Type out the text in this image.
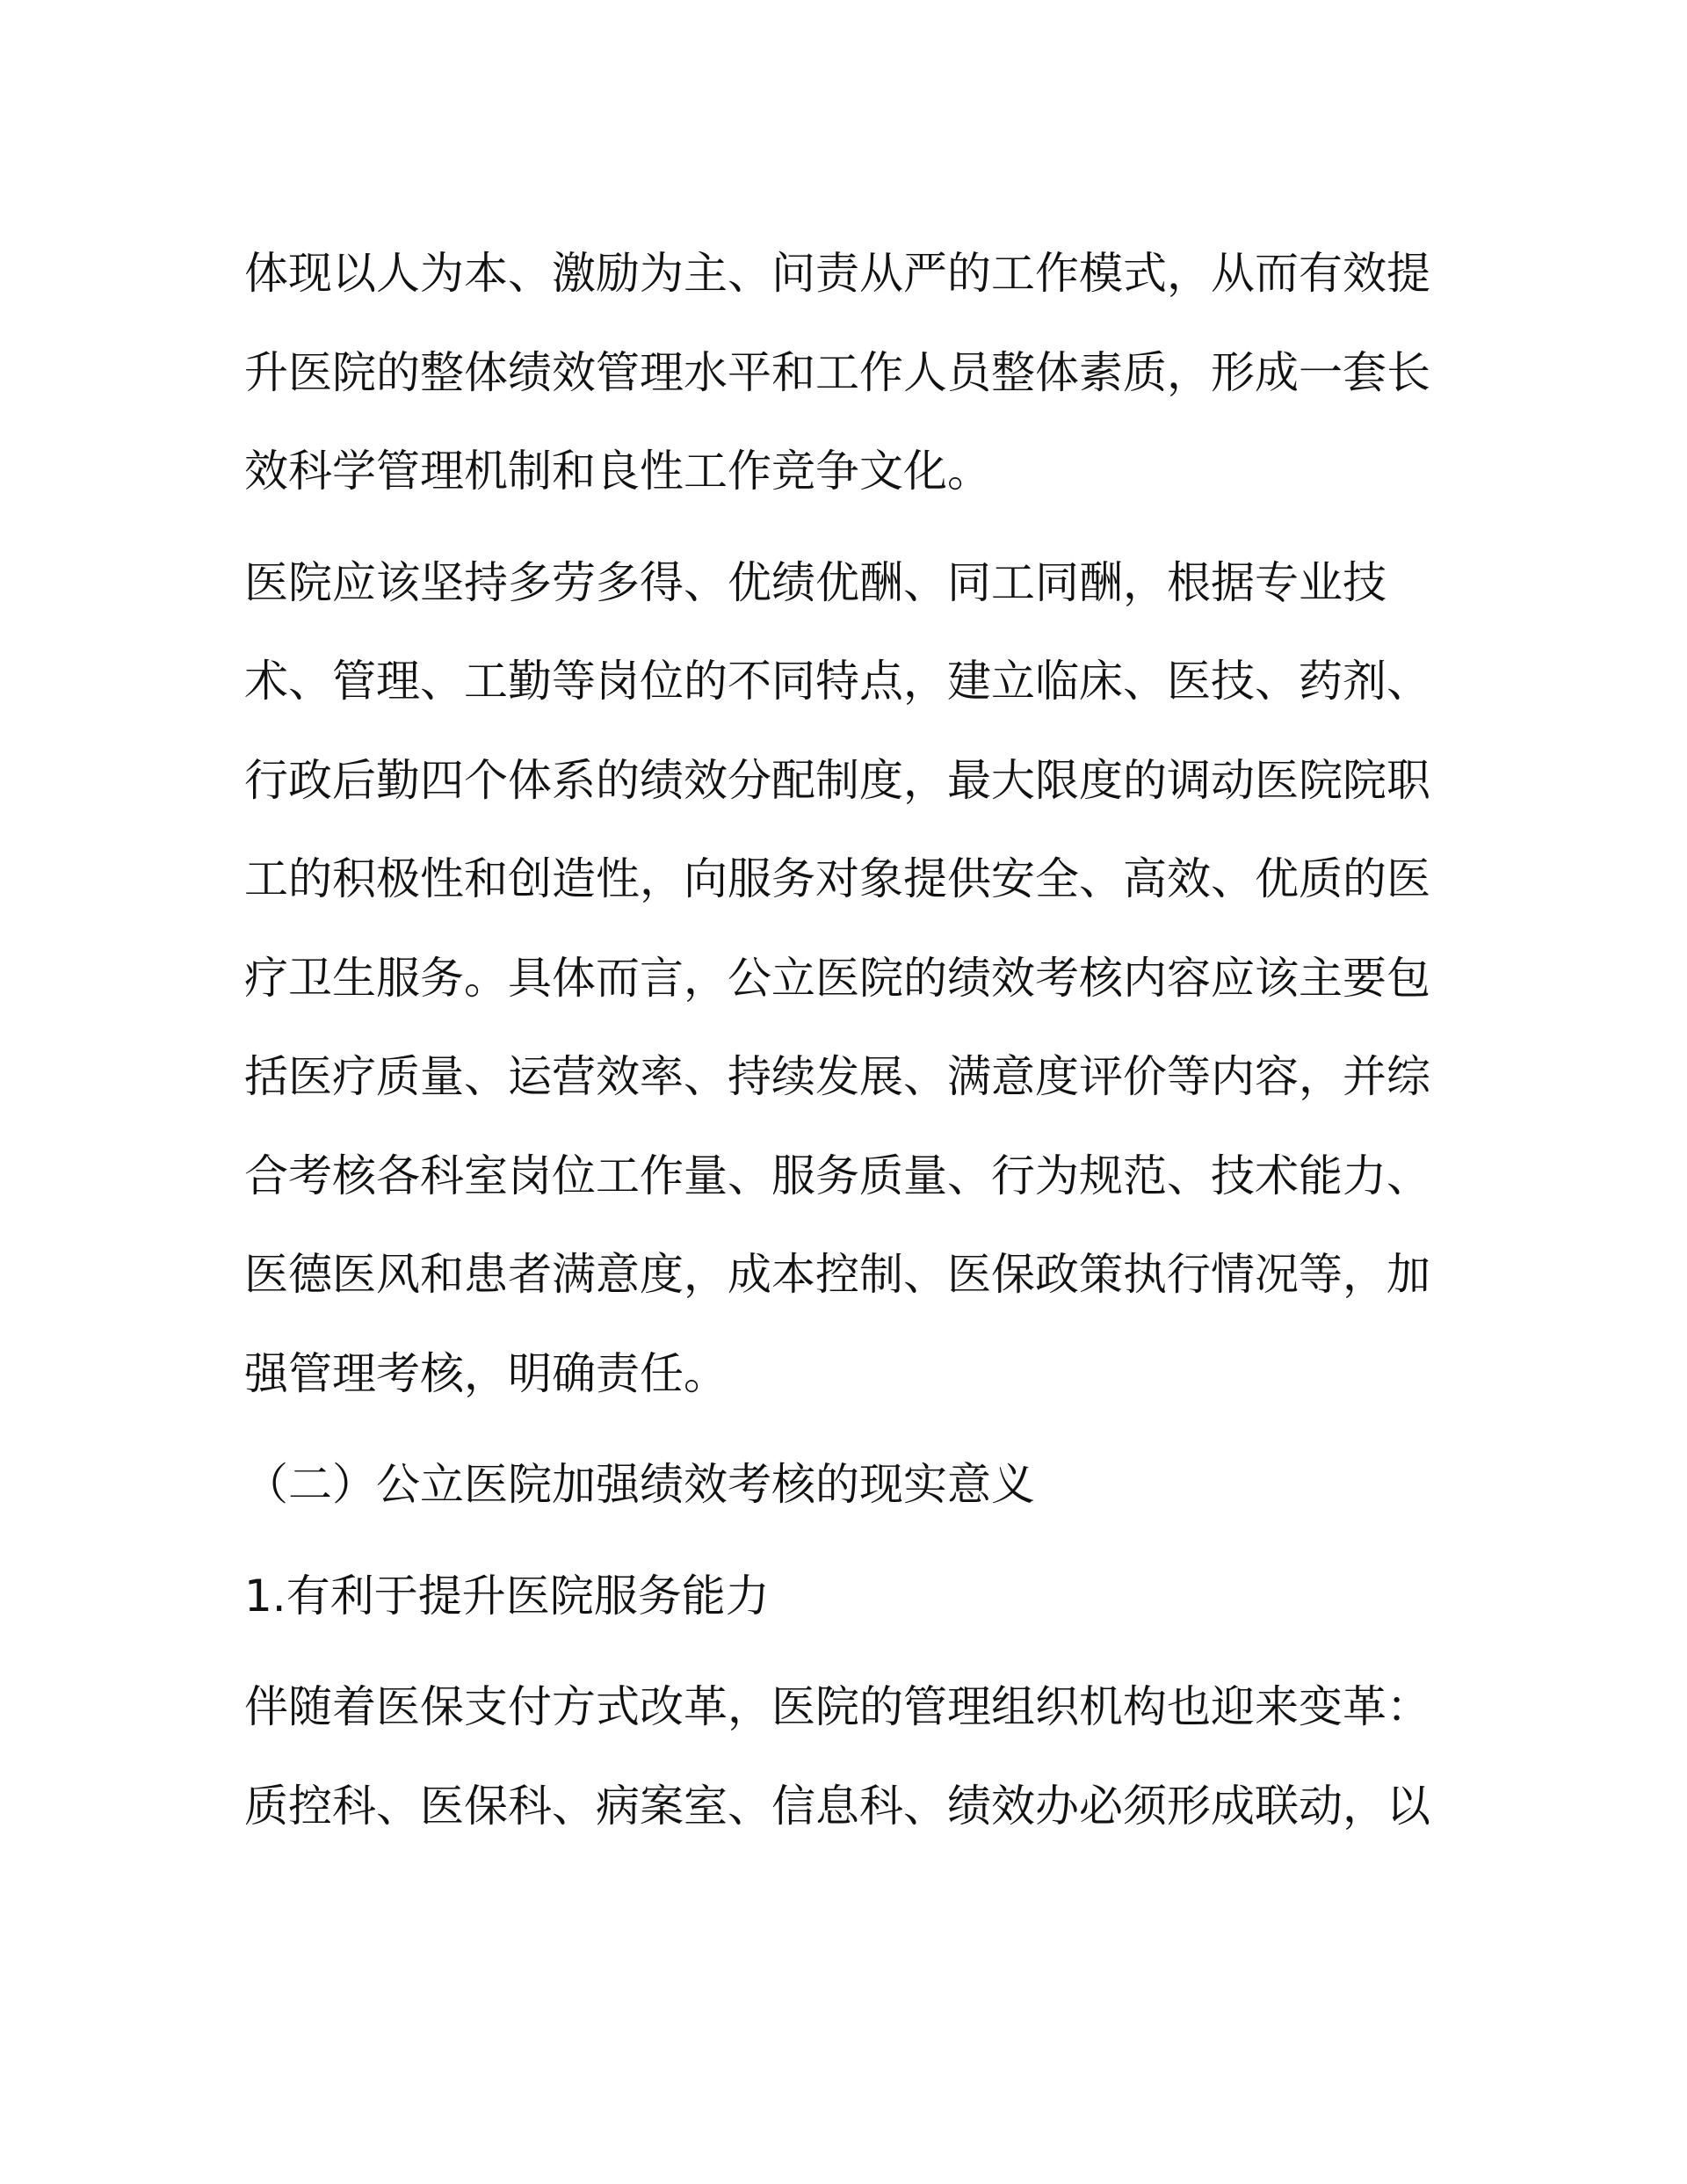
体现以人为本、激励为主、问责从严的工作模式，从而有效提
升医院的整体绩效管理水平和工作人员整体素质，形成一套长
效科学管理机制和良性工作竞争文化。
医院应该坚持多劳多得、优绩优酬、同工同酬，根据专业技
术、管理、工勤等岗位的不同特点，建立临床、医技、药剂、
行政后勤四个体系的绩效分配制度，最大限度的调动医院院职
工的积极性和创造性，向服务对象提供安全、高效、优质的医
疗卫生服务。具体而言，公立医院的绩效考核内容应该主要包
括医疗质量、运营效率、持续发展、满意度评价等内容，并综
合考核各科室岗位工作量、服务质量、行为规范、技术能力、
医德医风和患者满意度，成本控制、医保政策执行情况等，加
强管理考核，明确责任。
（二）公立医院加强绩效考核的现实意义
1.有利于提升医院服务能力
伴随着医保支付方式改革，医院的管理组织机构也迎来变革：
质控科、医保科、病案室、信息科、绩效办必须形成联动，以
